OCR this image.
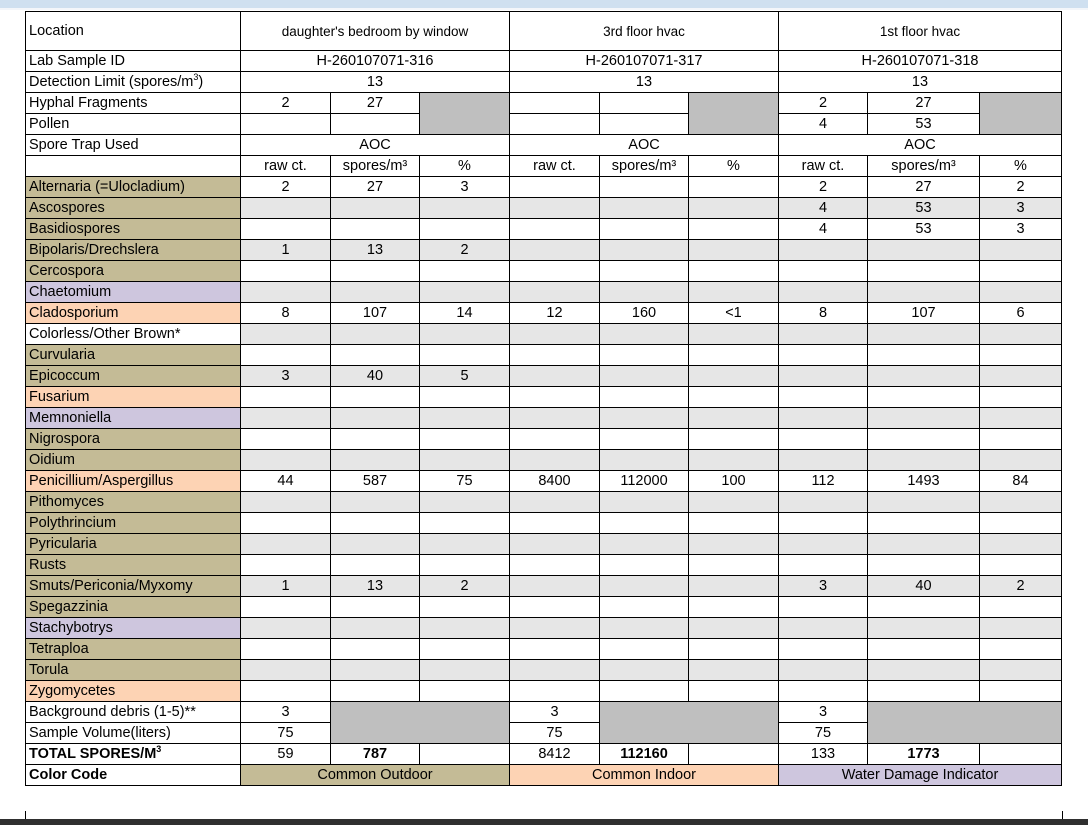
Location	daughter's bedroom by window			3rd floor hvac			1st floor hvac		
Lab Sample ID	H-260107071-316			H-260107071-317			H-260107071-318		
Detection Limit $(spores/m^3)$	13			13			13		
Hyphal Fragments	2	27					2	27	
Pollen							4	53	
Spore Trap Used	AOC			AOC			AOC		
	raw ct.	spores/m³	%	raw ct.	spores/m³	%	raw ct.	spores/m³	%
Alternaria (=Ulocladium)	2	27	3				2	27	2
Ascospores							4	53	3
Basidiospores							4	53	3
Bipolaris/Drechslera	1	13	2						
Cercospora									
Chaetomium									
Cladosporium	8	107	14	12	160	<1	8	107	6
Colorless/Other Brown*									
Curvularia									
Epicoccum	3	40	5						
Fusarium									
Memnoniella									
Nigrospora									
Oidium									
Penicillium/Aspergillus	44	587	75	8400	112000	100	112	1493	84
Pithomyces									
Polythrincium									
Pyricularia									
Rusts									
Smuts/Periconia/Myxomy	1	13	2				3	40	2
Spegazzinia									
Stachybotrys									
Tetraploa									
Torula									
Zygomycetes									
Background debris (1-5)**	3			3			3		
Sample Volume(liters)	75			75			75		
TOTAL SPORES/$M^3$	59	787		8412	112160		133	1773	
Color Code	Common Outdoor			Common Indoor			Water Damage Indicator		
